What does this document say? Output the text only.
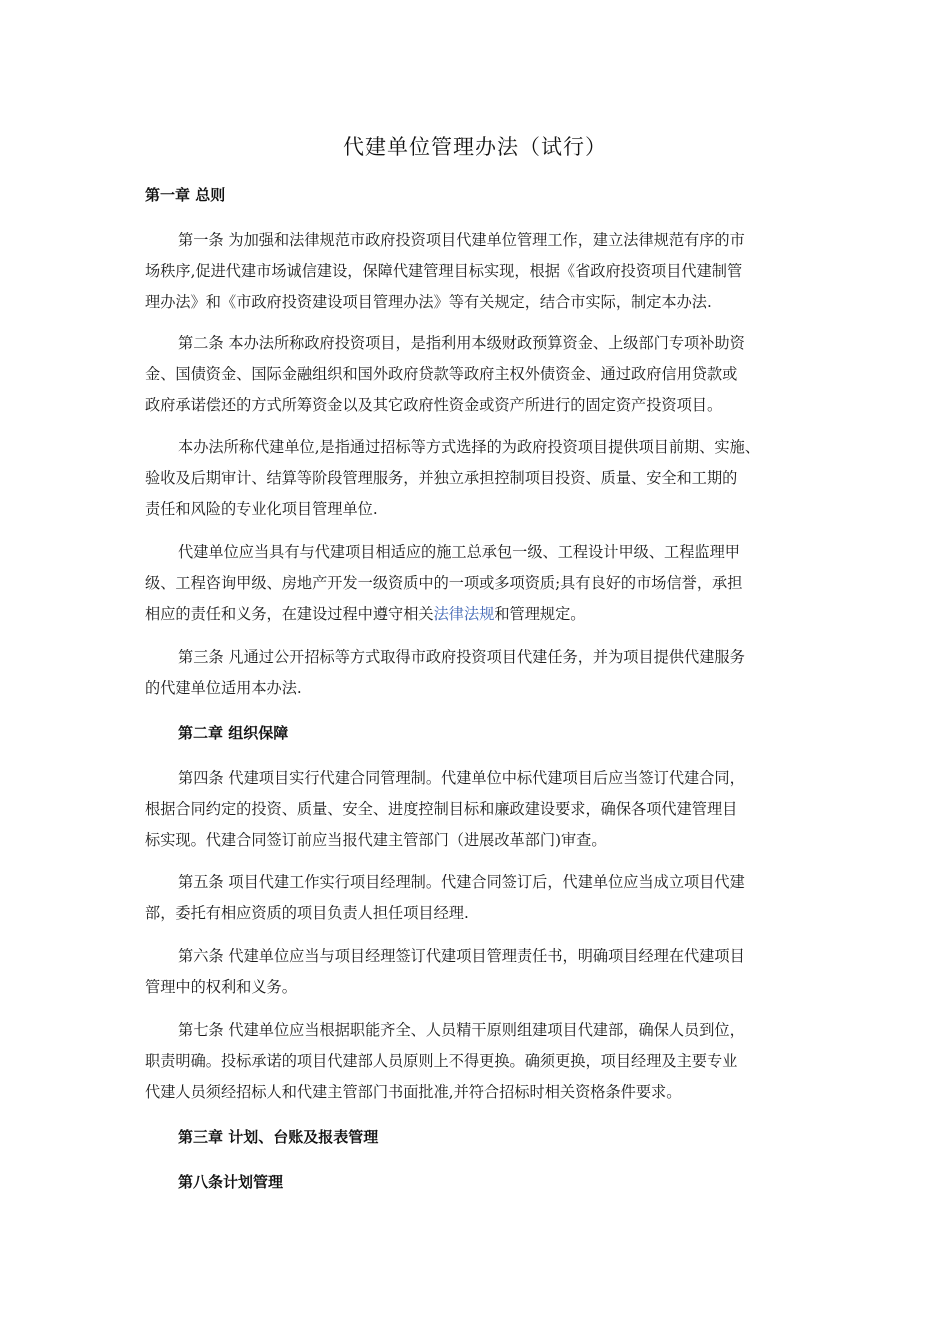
代建单位管理办法（试行）
第一章 总则
第一条 为加强和法律规范市政府投资项目代建单位管理工作，建立法律规范有序的市
场秩序,促进代建市场诚信建设，保障代建管理目标实现，根据《省政府投资项目代建制管
理办法》和《市政府投资建设项目管理办法》等有关规定，结合市实际，制定本办法.
第二条 本办法所称政府投资项目，是指利用本级财政预算资金、上级部门专项补助资
金、国债资金、国际金融组织和国外政府贷款等政府主权外债资金、通过政府信用贷款或
政府承诺偿还的方式所筹资金以及其它政府性资金或资产所进行的固定资产投资项目。
本办法所称代建单位,是指通过招标等方式选择的为政府投资项目提供项目前期、实施、
验收及后期审计、结算等阶段管理服务，并独立承担控制项目投资、质量、安全和工期的
责任和风险的专业化项目管理单位.
代建单位应当具有与代建项目相适应的施工总承包一级、工程设计甲级、工程监理甲
级、工程咨询甲级、房地产开发一级资质中的一项或多项资质;具有良好的市场信誉，承担
相应的责任和义务，在建设过程中遵守相关法律法规和管理规定。
第三条 凡通过公开招标等方式取得市政府投资项目代建任务，并为项目提供代建服务
的代建单位适用本办法.
第二章 组织保障
第四条 代建项目实行代建合同管理制。代建单位中标代建项目后应当签订代建合同，
根据合同约定的投资、质量、安全、进度控制目标和廉政建设要求，确保各项代建管理目
标实现。代建合同签订前应当报代建主管部门（进展改革部门)审查。
第五条 项目代建工作实行项目经理制。代建合同签订后，代建单位应当成立项目代建
部，委托有相应资质的项目负责人担任项目经理.
第六条 代建单位应当与项目经理签订代建项目管理责任书，明确项目经理在代建项目
管理中的权利和义务。
第七条 代建单位应当根据职能齐全、人员精干原则组建项目代建部，确保人员到位，
职责明确。投标承诺的项目代建部人员原则上不得更换。确须更换，项目经理及主要专业
代建人员须经招标人和代建主管部门书面批准,并符合招标时相关资格条件要求。
第三章 计划、台账及报表管理
第八条计划管理
